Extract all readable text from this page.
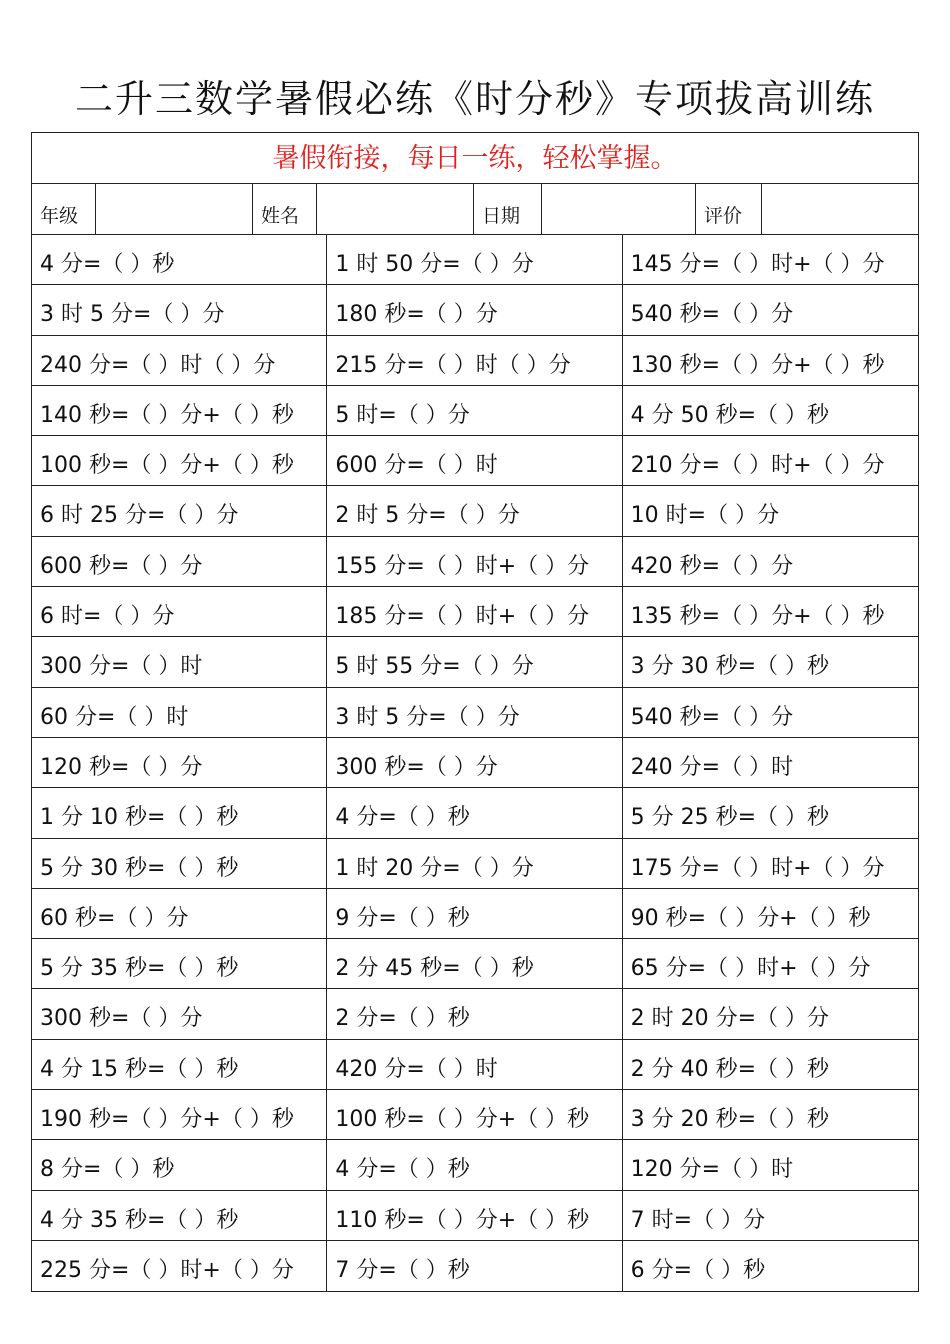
二升三数学暑假必练《时分秒》专项拔高训练
暑假衔接，每日一练，轻松掌握。
年级	姓名	日期	评价
4 分=（ ）秒	1 时 50 分=（ ）分	145 分=（ ）时+（ ）分
3 时 5 分=（ ）分	180 秒=（ ）分	540 秒=（ ）分
240 分=（ ）时（ ）分	215 分=（ ）时（ ）分	130 秒=（ ）分+（ ）秒
140 秒=（ ）分+（ ）秒	5 时=（ ）分	4 分 50 秒=（ ）秒
100 秒=（ ）分+（ ）秒	600 分=（ ）时	210 分=（ ）时+（ ）分
6 时 25 分=（ ）分	2 时 5 分=（ ）分	10 时=（ ）分
600 秒=（ ）分	155 分=（ ）时+（ ）分	420 秒=（ ）分
6 时=（ ）分	185 分=（ ）时+（ ）分	135 秒=（ ）分+（ ）秒
300 分=（ ）时	5 时 55 分=（ ）分	3 分 30 秒=（ ）秒
60 分=（ ）时	3 时 5 分=（ ）分	540 秒=（ ）分
120 秒=（ ）分	300 秒=（ ）分	240 分=（ ）时
1 分 10 秒=（ ）秒	4 分=（ ）秒	5 分 25 秒=（ ）秒
5 分 30 秒=（ ）秒	1 时 20 分=（ ）分	175 分=（ ）时+（ ）分
60 秒=（ ）分	9 分=（ ）秒	90 秒=（ ）分+（ ）秒
5 分 35 秒=（ ）秒	2 分 45 秒=（ ）秒	65 分=（ ）时+（ ）分
300 秒=（ ）分	2 分=（ ）秒	2 时 20 分=（ ）分
4 分 15 秒=（ ）秒	420 分=（ ）时	2 分 40 秒=（ ）秒
190 秒=（ ）分+（ ）秒	100 秒=（ ）分+（ ）秒	3 分 20 秒=（ ）秒
8 分=（ ）秒	4 分=（ ）秒	120 分=（ ）时
4 分 35 秒=（ ）秒	110 秒=（ ）分+（ ）秒	7 时=（ ）分
225 分=（ ）时+（ ）分	7 分=（ ）秒	6 分=（ ）秒
